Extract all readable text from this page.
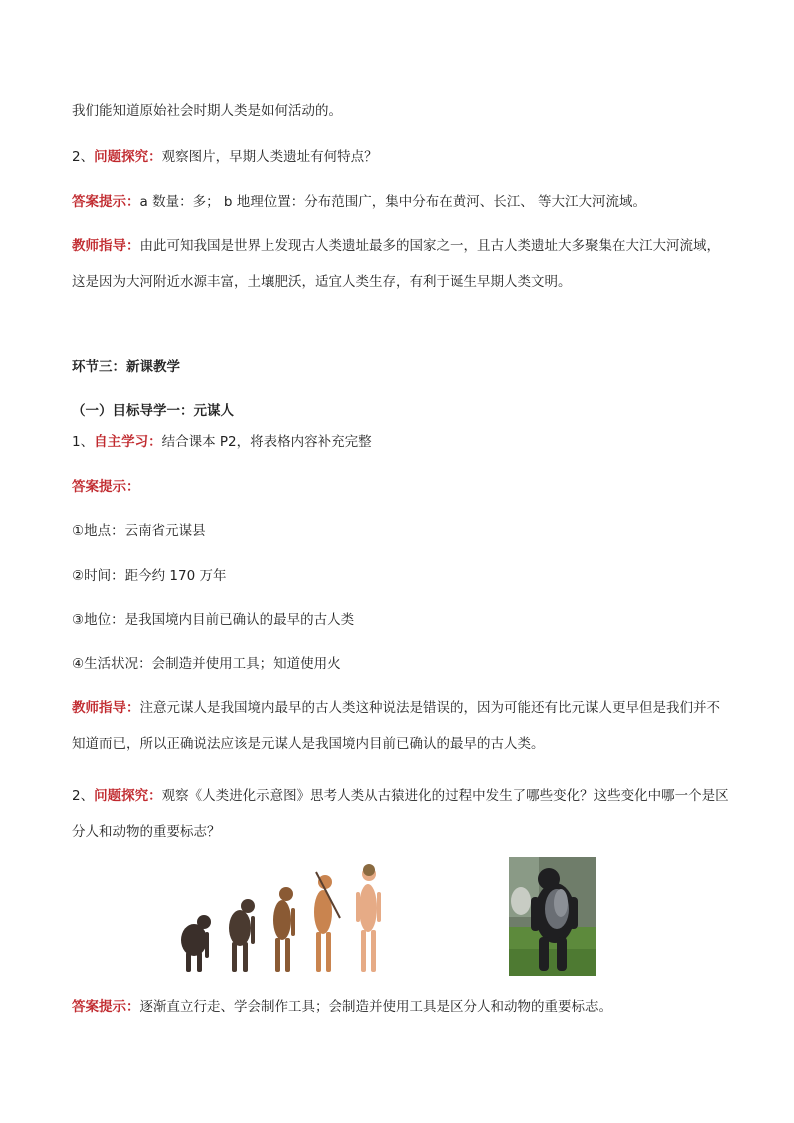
我们能知道原始社会时期人类是如何活动的。
2、问题探究：观察图片，早期人类遗址有何特点？
答案提示：a 数量：多； b 地理位置：分布范围广，集中分布在黄河、长江、 等大江大河流域。
教师指导：由此可知我国是世界上发现古人类遗址最多的国家之一，且古人类遗址大多聚集在大江大河流域，这是因为大河附近水源丰富，土壤肥沃，适宜人类生存，有利于诞生早期人类文明。
环节三：新课教学
（一）目标导学一：元谋人
1、自主学习：结合课本 P2，将表格内容补充完整
答案提示：
①地点：云南省元谋县
②时间：距今约 170 万年
③地位：是我国境内目前已确认的最早的古人类
④生活状况：会制造并使用工具；知道使用火
教师指导：注意元谋人是我国境内最早的古人类这种说法是错误的，因为可能还有比元谋人更早但是我们并不知道而已，所以正确说法应该是元谋人是我国境内目前已确认的最早的古人类。
2、问题探究：观察《人类进化示意图》思考人类从古猿进化的过程中发生了哪些变化？这些变化中哪一个是区分人和动物的重要标志？
答案提示：逐渐直立行走、学会制作工具；会制造并使用工具是区分人和动物的重要标志。
